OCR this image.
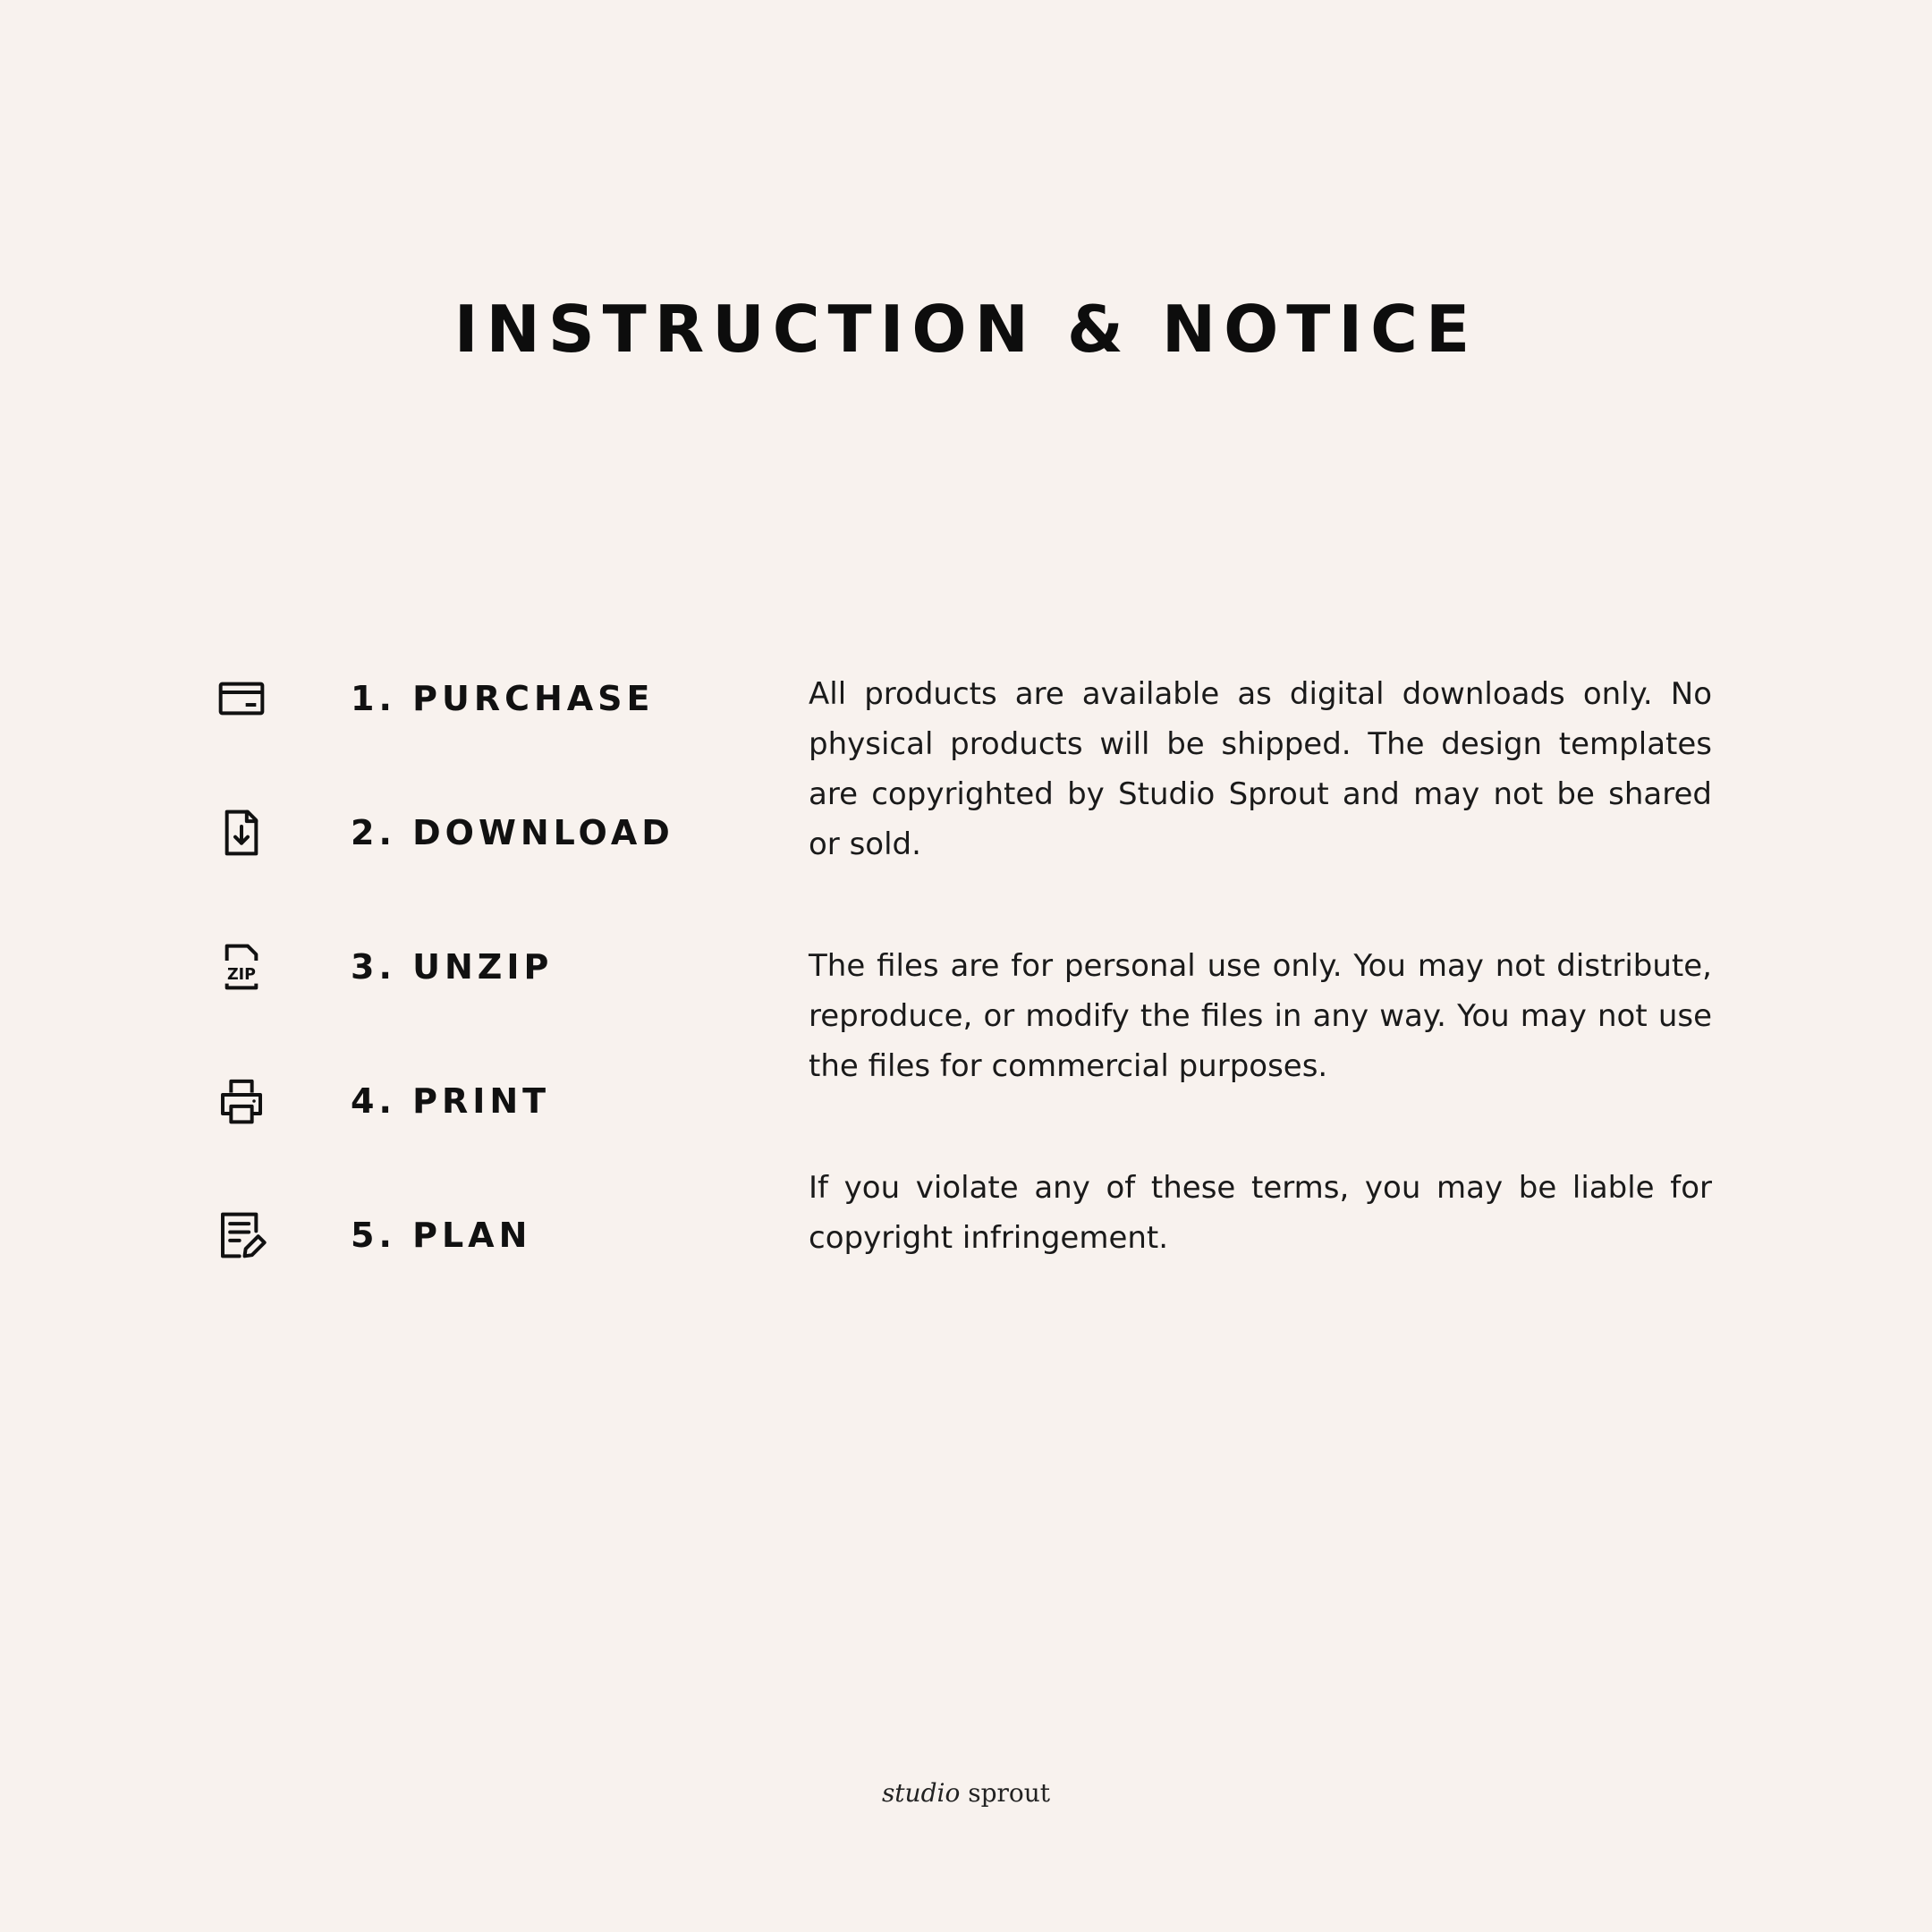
INSTRUCTION & NOTICE
1. PURCHASE
2. DOWNLOAD
ZIP	3. UNZIP
4. PRINT
5. PLAN

All products are available as digital downloads only. No physical products will be shipped. The design templates are copyrighted by Studio Sprout and may not be shared or sold.

The files are for personal use only. You may not distribute, reproduce, or modify the files in any way. You may not use the files for commercial purposes.

If you violate any of these terms, you may be liable for copyright infringement.

studio sprout
